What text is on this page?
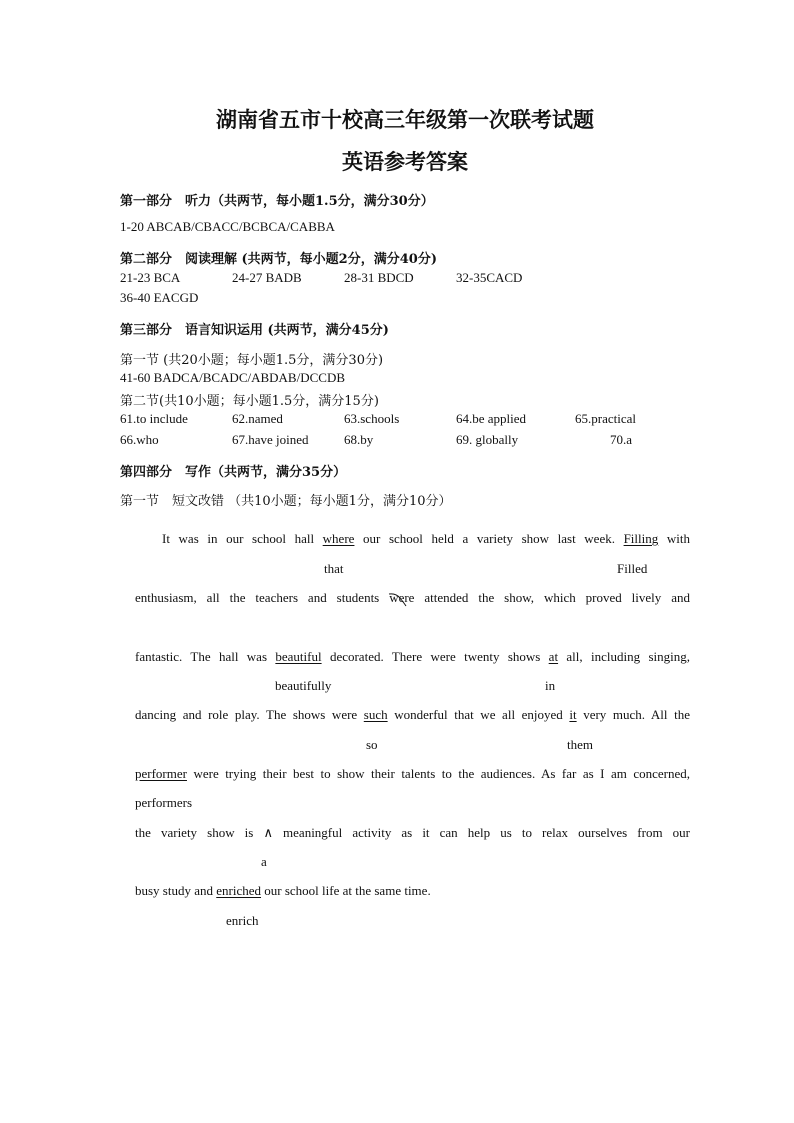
湖南省五市十校高三年级第一次联考试题
英语参考答案
第一部分　听力（共两节，每小题1.5分，满分30分）
1-20 ABCAB/CBACC/BCBCA/CABBA
第二部分　阅读理解 (共两节，每小题2分，满分40分)
21-23 BCA	24-27 BADB	28-31 BDCD	32-35CACD
36-40 EACGD
第三部分　语言知识运用 (共两节，满分45分)
第一节 (共20小题；每小题1.5分，满分30分)
41-60 BADCA/BCADC/ABDAB/DCCDB
第二节(共10小题；每小题1.5分，满分15分)
61.to include	62.named	63.schools	64.be applied	65.practical
66.who	67.have joined	68.by	69. globally	70.a
第四部分　写作（共两节，满分35分）
第一节　短文改错 （共10小题；每小题1分，满分10分）
It was in our school hall where our school held a variety show last week. Filling with
that	Filled
enthusiasm, all the teachers and students were
attended the show, which proved lively and
fantastic. The hall was beautiful decorated. There were twenty shows at all, including singing,
beautifully	in
dancing and role play. The shows were such wonderful that we all enjoyed it very much. All the
so	them
performer were trying their best to show their talents to the audiences. As far as I am concerned,
performers
the variety show is ∧ meaningful activity as it can help us to relax ourselves from our
a
busy study and enriched our school life at the same time.
enrich
